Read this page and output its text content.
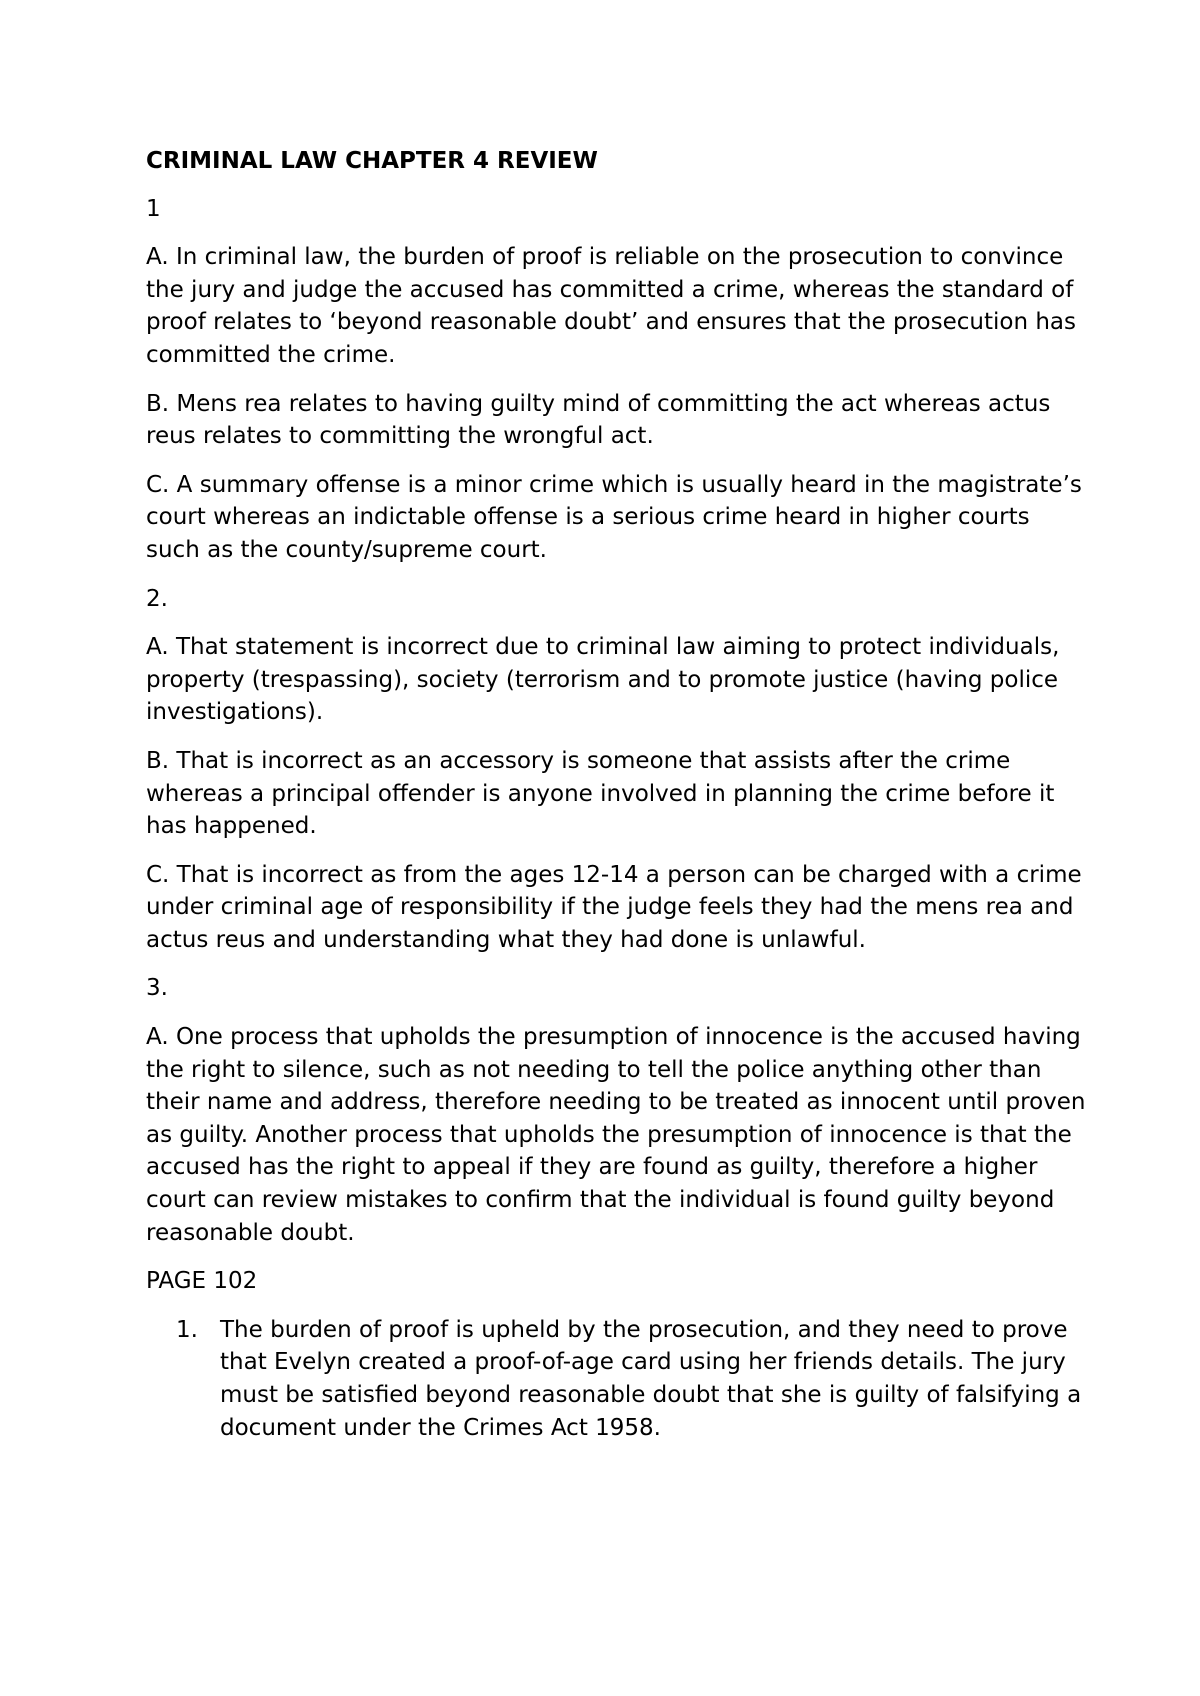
CRIMINAL LAW CHAPTER 4 REVIEW

1

A. In criminal law, the burden of proof is reliable on the prosecution to convince the jury and judge the accused has committed a crime, whereas the standard of proof relates to ‘beyond reasonable doubt’ and ensures that the prosecution has committed the crime.

B. Mens rea relates to having guilty mind of committing the act whereas actus reus relates to committing the wrongful act.

C. A summary offense is a minor crime which is usually heard in the magistrate’s court whereas an indictable offense is a serious crime heard in higher courts such as the county/supreme court.

2.

A. That statement is incorrect due to criminal law aiming to protect individuals, property (trespassing), society (terrorism and to promote justice (having police investigations).

B. That is incorrect as an accessory is someone that assists after the crime whereas a principal offender is anyone involved in planning the crime before it has happened.

C. That is incorrect as from the ages 12-14 a person can be charged with a crime under criminal age of responsibility if the judge feels they had the mens rea and actus reus and understanding what they had done is unlawful.

3.

A. One process that upholds the presumption of innocence is the accused having the right to silence, such as not needing to tell the police anything other than their name and address, therefore needing to be treated as innocent until proven as guilty. Another process that upholds the presumption of innocence is that the accused has the right to appeal if they are found as guilty, therefore a higher court can review mistakes to confirm that the individual is found guilty beyond reasonable doubt.

PAGE 102

1. The burden of proof is upheld by the prosecution, and they need to prove that Evelyn created a proof-of-age card using her friends details. The jury must be satisfied beyond reasonable doubt that she is guilty of falsifying a document under the Crimes Act 1958.
